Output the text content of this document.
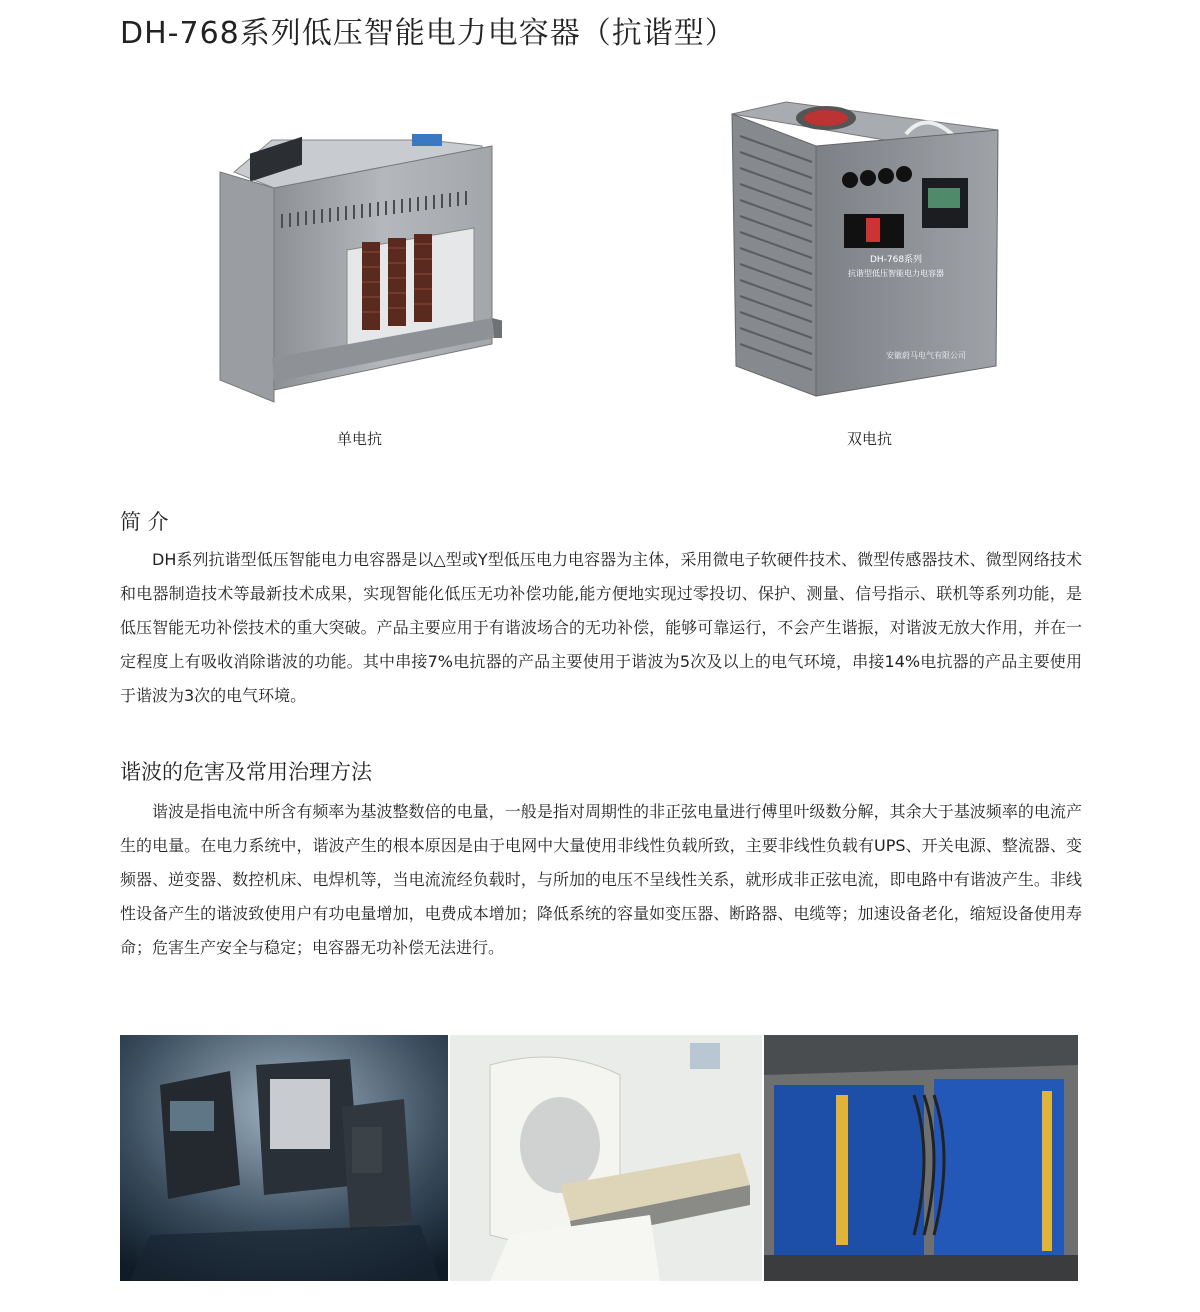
DH-768系列低压智能电力电容器（抗谐型）
单电抗
DH-768系列
抗谐型低压智能电力电容器
安徽蔚马电气有限公司
双电抗
简 介

DH系列抗谐型低压智能电力电容器是以△型或Y型低压电力电容器为主体，采用微电子软硬件技术、微型传感器技术、微型网络技术和电器制造技术等最新技术成果，实现智能化低压无功补偿功能,能方便地实现过零投切、保护、测量、信号指示、联机等系列功能，是低压智能无功补偿技术的重大突破。产品主要应用于有谐波场合的无功补偿，能够可靠运行，不会产生谐振，对谐波无放大作用，并在一定程度上有吸收消除谐波的功能。其中串接7%电抗器的产品主要使用于谐波为5次及以上的电气环境，串接14%电抗器的产品主要使用于谐波为3次的电气环境。

谐波的危害及常用治理方法

谐波是指电流中所含有频率为基波整数倍的电量，一般是指对周期性的非正弦电量进行傅里叶级数分解，其余大于基波频率的电流产生的电量。在电力系统中，谐波产生的根本原因是由于电网中大量使用非线性负载所致，主要非线性负载有UPS、开关电源、整流器、变频器、逆变器、数控机床、电焊机等，当电流流经负载时，与所加的电压不呈线性关系，就形成非正弦电流，即电路中有谐波产生。非线性设备产生的谐波致使用户有功电量增加，电费成本增加；降低系统的容量如变压器、断路器、电缆等；加速设备老化，缩短设备使用寿命；危害生产安全与稳定；电容器无功补偿无法进行。
